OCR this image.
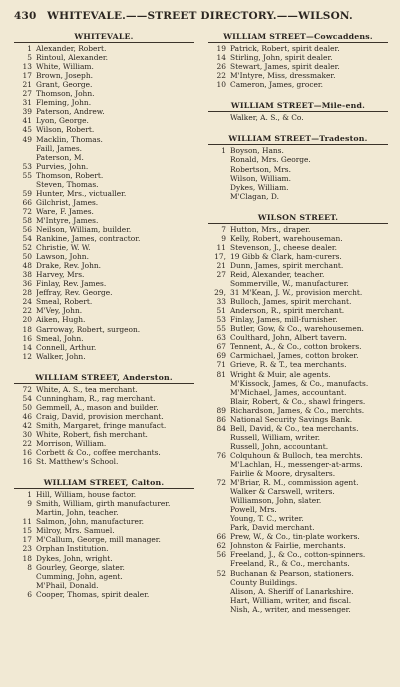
430	WHITEVALE.——STREET DIRECTORY.——WILSON.
WHITEVALE.
1 Alexander, Robert.
5 Rintoul, Alexander.
13 White, William.
17 Brown, Joseph.
21 Grant, George.
27 Thomson, John.
31 Fleming, John.
39 Paterson, Andrew.
41 Lyon, George.
45 Wilson, Robert.
49 Macklin, Thomas.
Faill, James.
Paterson, M.
53 Purvies, John.
55 Thomson, Robert.
Steven, Thomas.
59 Hunter, Mrs., victualler.
66 Gilchrist, James.
72 Ware, F. James.
58 M'Intyre, James.
56 Neilson, William, builder.
54 Rankine, James, contractor.
52 Christie, W. W.
50 Lawson, John.
48 Drake, Rev. John.
38 Harvey, Mrs.
36 Finlay, Rev. James.
28 Jeffray, Rev. George.
24 Smeal, Robert.
22 M'Vey, John.
20 Aiken, Hugh.
18 Garroway, Robert, surgeon.
16 Smeal, John.
14 Connell, Arthur.
12 Walker, John.
WILLIAM STREET, Anderston.
72 White, A. S., tea merchant.
54 Cunningham, R., rag merchant.
50 Gemmell, A., mason and builder.
46 Craig, David, provision merchant.
42 Smith, Margaret, fringe manufact.
30 White, Robert, fish merchant.
22 Morrison, William.
16 Corbett & Co., coffee merchants.
16 St. Matthew's School.
WILLIAM STREET, Calton.
1 Hill, William, house factor.
9 Smith, William, girth manufacturer.
Martin, John, teacher.
11 Salmon, John, manufacturer.
15 Milroy, Mrs. Samuel.
17 M'Callum, George, mill manager.
23 Orphan Institution.
18 Dykes, John, wright.
8 Gourley, George, slater.
Cumming, John, agent.
M'Phail, Donald.
6 Cooper, Thomas, spirit dealer.
WILLIAM STREET—Cowcaddens.
19 Patrick, Robert, spirit dealer.
14 Stirling, John, spirit dealer.
26 Stewart, James, spirit dealer.
22 M'Intyre, Miss, dressmaker.
10 Cameron, James, grocer.
WILLIAM STREET—Mile-end.
Walker, A. S., & Co.
WILLIAM STREET—Tradeston.
1 Boyson, Hans.
Ronald, Mrs. George.
Robertson, Mrs.
Wilson, William.
Dykes, William.
M'Clagan, D.
WILSON STREET.
7 Hutton, Mrs., draper.
9 Kelly, Robert, warehouseman.
11 Stevenson, J., cheese dealer.
17, 19 Gibb & Clark, ham-curers.
21 Dunn, James, spirit merchant.
27 Reid, Alexander, teacher.
Sommerville, W., manufacturer.
29, 31 M'Kean, J. W., provision mercht.
33 Bulloch, James, spirit merchant.
51 Anderson, R., spirit merchant.
53 Finlay, James, mill-furnisher.
55 Butler, Gow, & Co., warehousemen.
63 Coulthard, John, Albert tavern.
67 Tennent, A., & Co., cotton brokers.
69 Carmichael, James, cotton broker.
71 Grieve, R. & T., tea merchants.
81 Wright & Muir, ale agents.
M'Kissock, James, & Co., manufacts.
M'Michael, James, accountant.
Blair, Robert, & Co., shawl fringers.
89 Richardson, James, & Co., merchts.
86 National Security Savings Bank.
84 Bell, David, & Co., tea merchants.
Russell, William, writer.
Russell, John, accountant.
76 Colquhoun & Bulloch, tea merchts.
M'Lachlan, H., messenger-at-arms.
Fairlie & Moore, drysalters.
72 M'Briar, R. M., commission agent.
Walker & Carswell, writers.
Williamson, John, slater.
Powell, Mrs.
Young, T. C., writer.
Park, David merchant.
66 Prew, W., & Co., tin-plate workers.
62 Johnston & Fairlie, merchants.
56 Freeland, J., & Co., cotton-spinners.
Freeland, R., & Co., merchants.
52 Buchanan & Pearson, stationers.
County Buildings.
Alison, A. Sheriff of Lanarkshire.
Hart, William, writer, and fiscal.
Nish, A., writer, and messenger.
